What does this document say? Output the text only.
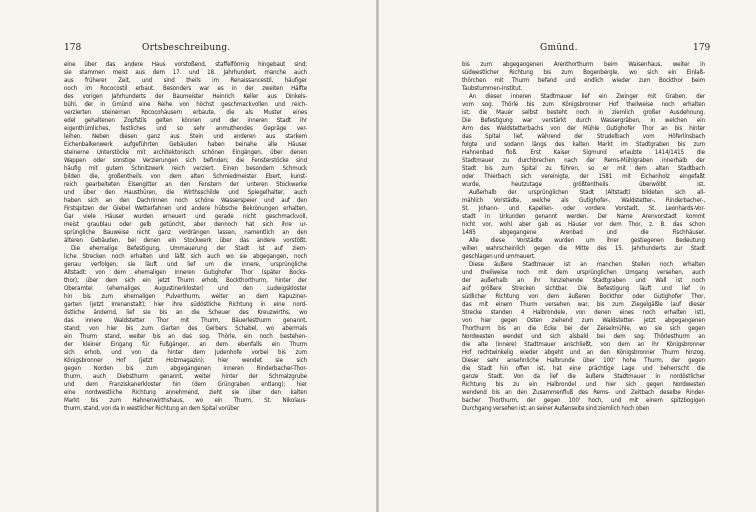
178	Ortsbeschreibung.
eine über das andere Haus vorstoßend, staffelförmig hingebaut sind;
sie stammen meist aus dem 17. und 18. Jahrhundert, manche auch
aus früherer Zeit, und sind theils im Renaissancestil, häufiger
noch im Rococostil erbaut. Besonders war es in der zweiten Hälfte
des vorigen Jahrhunderts der Baumeister Heinrich Keller aus Dinkels-
bühl, der in Gmünd eine Reihe von höchst geschmackvollen und reich-
verzierten steinernen Rococohäusern erbaute, die als Muster eines
edel gehaltenen Zopfstils gelten können und der inneren Stadt ihr
eigenthümliches, festliches und so sehr anmuthendes Gepräge ver-
leihen. Neben diesen ganz aus Stein und anderen aus starkem
Eichenbalkenwerk aufgeführten Gebäuden haben beinahe alle Häuser
steinerne Unterstöcke mit architektonisch schönen Eingängen, über denen
Wappen oder sonstige Verzierungen sich befinden; die Fensterstöcke sind
häufig mit gutem Schnitzwerk reich verziert. Einen besondern Schmuck
bilden die, großentheils von dem alten Schmiedmeister Ebert, kunst-
reich gearbeiteten Eisengitter an den Fenstern der unteren Stockwerke
und über den Hausthüren, die Wirthsschilde und Spiegelhalter, auch
haben sich an den Dachrinnen noch schöne Wasserspeier und auf den
Firstspitzen der Giebel Wetterfahnen und andere hübsche Bekrönungen erhalten.
Gar viele Häuser wurden erneuert und gerade nicht geschmackvoll,
meist graublau oder gelb getüncht, aber dennoch hat sich ihre ur-
sprüngliche Bauweise nicht ganz verdrängen lassen, namentlich an den
älteren Gebäuden, bei denen ein Stockwerk über das andere vorstößt.
Die ehemalige Befestigung, Ummauerung der Stadt ist auf ziem-
liche Strecken noch erhalten und läßt sich auch wo sie abgegangen, noch
genau verfolgen; sie läuft und lief um die innere, ursprüngliche
Altstadt: von dem ehemaligen inneren Gutighofer Thor (später Bocks-
thor), über dem sich ein jetzt Thurm erhob, Bockthorthurm, hinter der
Oberamtei (ehemaliges Augustinerkloster) und den Ludwigskloster
hin bis zum ehemaligen Pulverthurm, weiter an dem Kapuziner-
garten (jetzt Irrenanstalt); hier ihre südöstliche Richtung in eine nord-
östliche ändernd, lief sie bis an die Scheuer des Kreuzwirths, wo
das innere Waldstetter Thor mit Thurm, Bäuerlesthurm genannt,
stand; von hier bis zum Garten des Gerbers Schabel, wo abermals
ein Thurm stand, weiter bis an das sog. Thörle, ein noch bestehen-
der kleiner Eingang für Fußgänger, an dem ebenfalls ein Thurm
sich erhob, und von da hinter dem Judenhofe vorbei bis zum
Königsbronner Hof (jetzt Holzmagazin); hier wendet sie sich
gegen Norden bis zum abgegangenen inneren Rinderbacher-Thor-
thurm, auch Diebsthurm genannt, weiter hinter der Schmalzgrube
und dem Franziskanerkloster hin (dem Grüngraben entlang); hier
eine nordwestliche Richtung annehmend, zieht sie über den kalten
Markt bis zum Hahnenwirthshaus, wo ein Thurm, St. Nikolaus-
thurm, stand, von da in westlicher Richtung an dem Spital vorüber
Gmünd.	179
bis zum abgegangenen Arenthorthurm beim Waisenhaus, weiter in
südwestlicher Richtung bis zum Bogenbergle, wo sich ein Einlaß-
thörchen mit Thurm befand und endlich wieder zum Bockthor beim
Taubstummen-Institut.
An dieser inneren Stadtmauer lief ein Zwinger mit Graben, der
vom sog. Thörle bis zum Königsbronner Hof theilweise noch erhalten
ist; die Mauer selbst besteht noch in ziemlich großer Ausdehnung.
Die Befestigung war verstärkt durch Wassergräben, in welchen ein
Arm des Waldstetterbachs von der Mühle Gutighofer Thor an bis hinter
das Spital lief, während der Strudelbach vom Höferlinsbach
folgte und sodann längs des kalten Markt im Stadtgraben bis zum
Hahnenbad floß. Erst Kaiser Sigmund erlaubte 1414/1415 die
Stadtmauer zu durchbrechen nach der Rems-Mühlgraben innerhalb der
Stadt bis zum Spital zu führen, so er mit dem alten Stadtbach
oder Thierbach sich vereinigte, der 1581 mit Eichenholz eingefaßt
wurde, heutzutage größtentheils überwölbt ist.
Außerhalb der ursprünglichen Stadt (Altstadt) bildeten sich all-
mählich Vorstädte, welche als Gutighofer-, Waldstetter-, Rinderbacher-,
St. Johann- und Kapellen- oder vordere Vorstadt, St. Leonhards-Vor-
stadt in Urkunden genannt werden. Der Name Arenvorstadt kommt
nicht vor, wohl aber gab es Häuser vor dem Thor, z. B. das schon
1485 abgegangene Arenbad und die Fischhäuser.
Alle diese Vorstädte wurden um ihrer gestiegenen Bedeutung
willen wahrscheinlich gegen die Mitte des 15. Jahrhunderts zur Stadt
geschlagen und ummauert.
Diese äußere Stadtmauer ist an manchen Stellen noch erhalten
und theilweise noch mit dem ursprünglichen Umgang versehen, auch
der außerhalb an ihr hinziehende Stadtgraben und Wall ist noch
auf größere Strecken sichtbar. Die Befestigung läuft und lief in
südlicher Richtung von dem äußeren Bockthor oder Gutighofer Thor,
das mit einem Thurm versehen war, bis zum Ziegelgäßle (auf dieser
Strecke standen 4 Halbrondele, von denen eines noch erhalten ist),
von hier gegen Osten ziehend zum Waldstetter- jetzt abgegangenen
Thorthurm bis an die Ecke bei der Zeiselmühle, wo sie sich gegen
Nordwesten wendet und sich alsbald bei dem sog. Thörlesthurm an
die alte (innere) Stadtmauer anschließt, von dem an ihr Königsbronner
Hof rechtwinkelig wieder abgeht und an den Königsbronner Thurm hinzog.
Dieser sehr ansehnliche Halbrunde über 100' hohe Thurm, der gegen
die Stadt hin offen ist, hat eine prächtige Lage und beherrscht die
ganze Stadt. Von da lief die äußere Stadtmauer in nordöstlicher
Richtung bis zu ein Halbrondel und hier sich gegen Nordwesten
wendend bis an den Zusammenfluß des Rems- und Zeitbach deselbe Rinder-
bacher Thorthurm, der gegen 100' hoch, und mit einem spitzbogigen
Durchgang versehen ist; an seiner Außenseite sind ziemlich hoch oben
